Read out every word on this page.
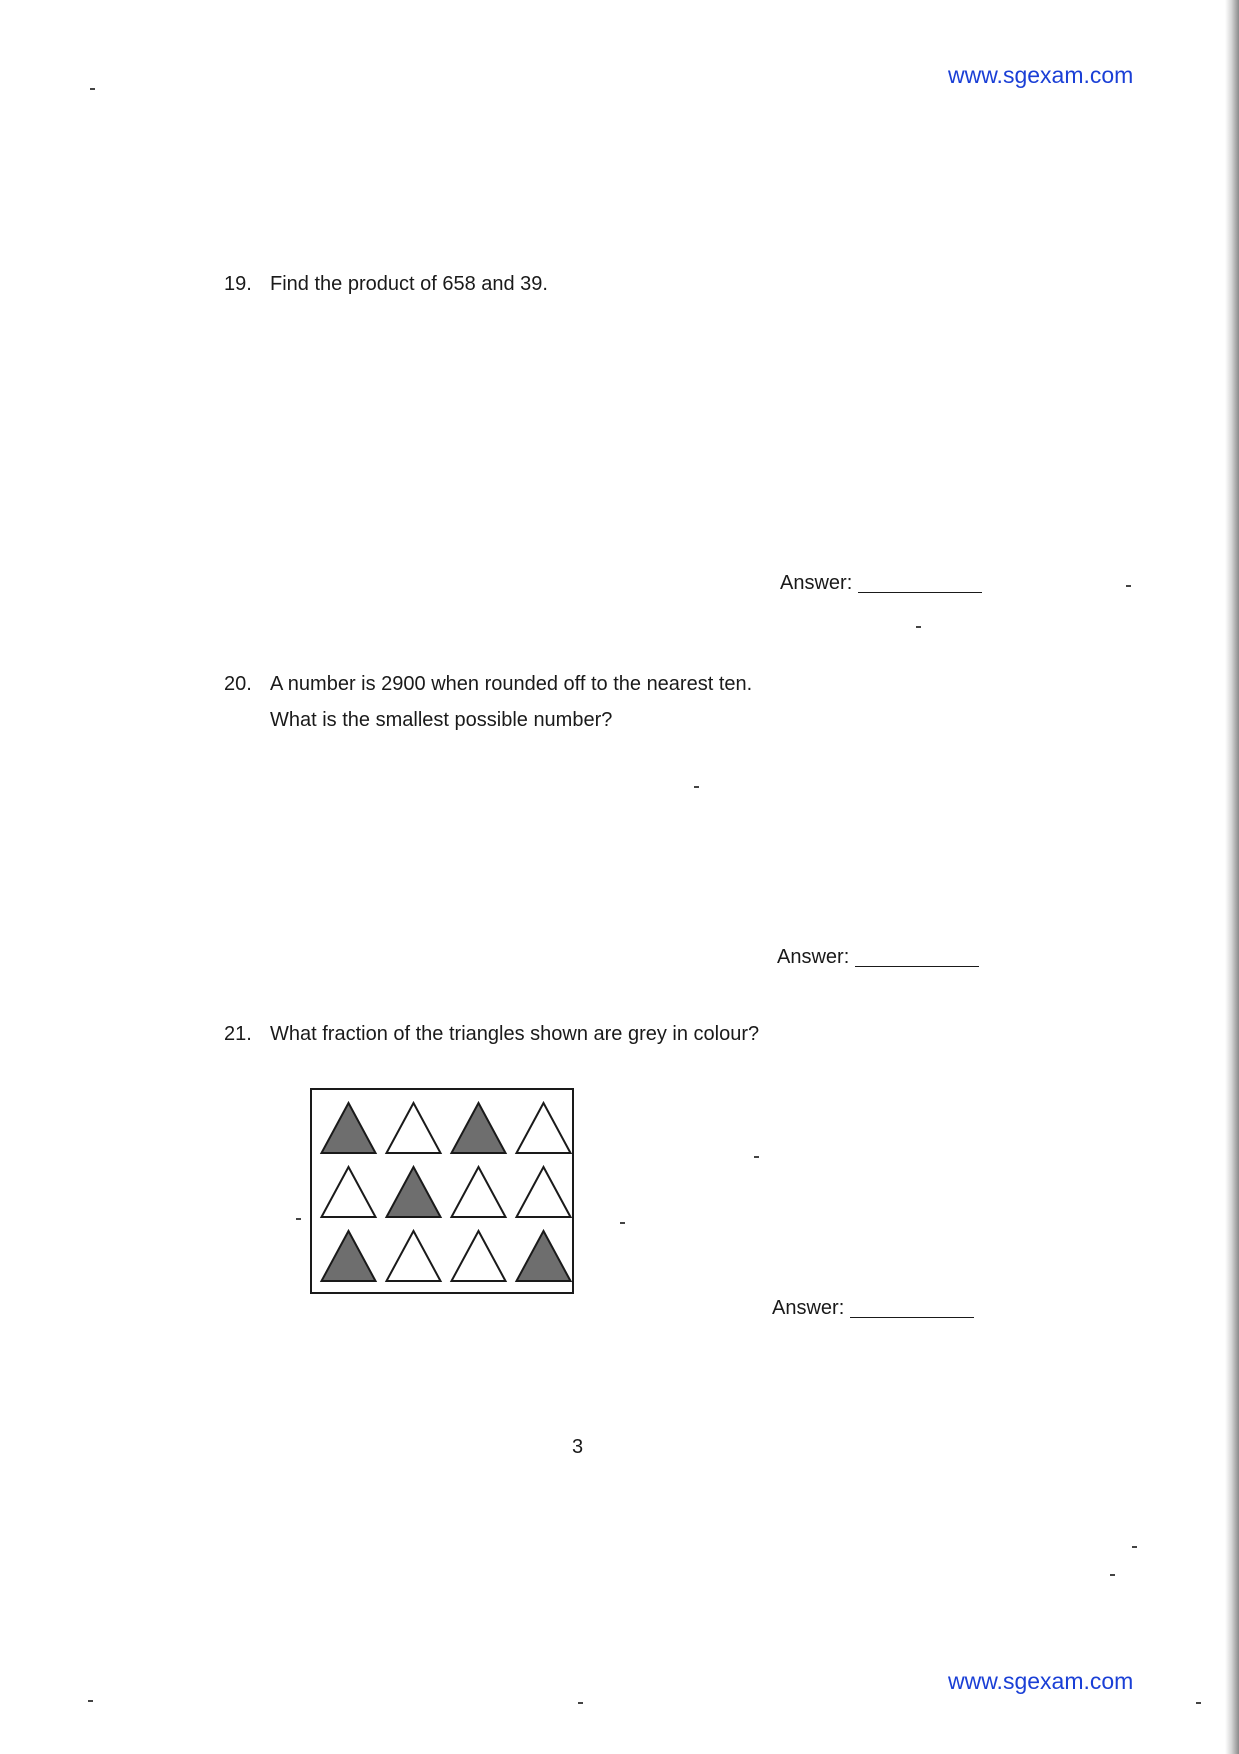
www.sgexam.com
19. Find the product of 658 and 39.
Answer:
20. A number is 2900 when rounded off to the nearest ten.
What is the smallest possible number?
Answer:
21. What fraction of the triangles shown are grey in colour?
Answer:
3
www.sgexam.com
